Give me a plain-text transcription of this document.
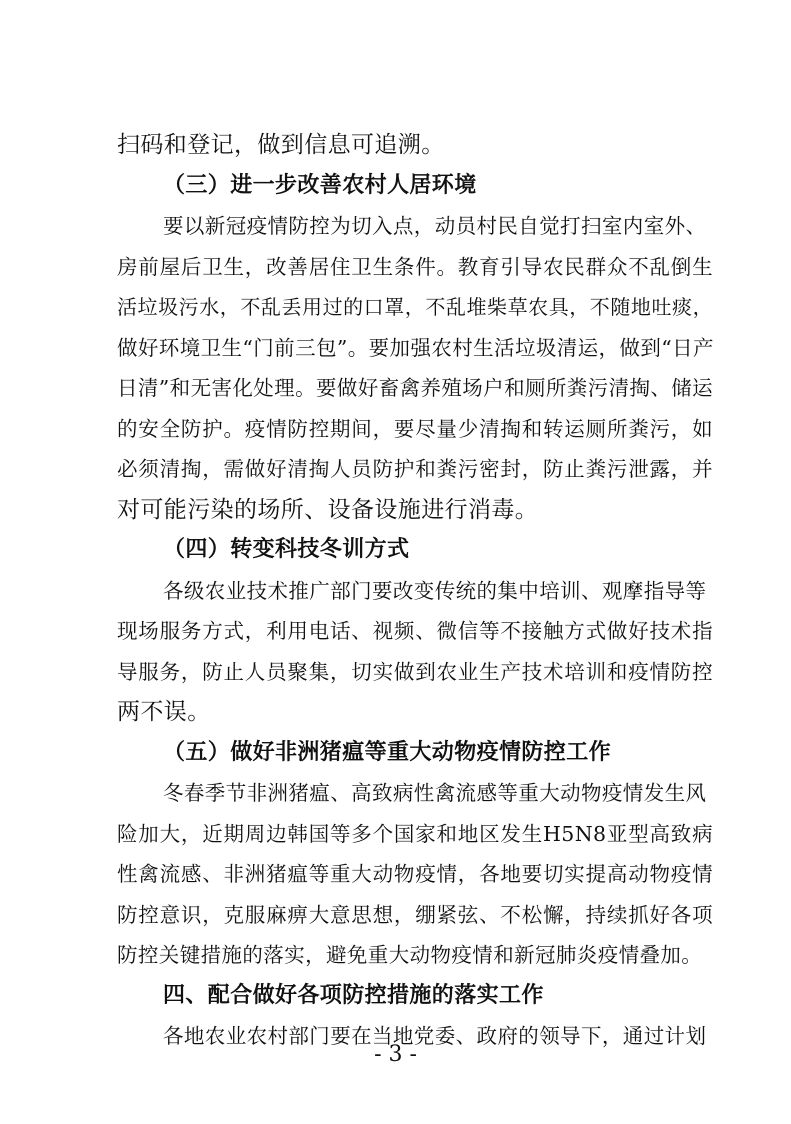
扫码和登记，做到信息可追溯。
（三）进一步改善农村人居环境
要以新冠疫情防控为切入点，动员村民自觉打扫室内室外、
房前屋后卫生，改善居住卫生条件。教育引导农民群众不乱倒生
活垃圾污水，不乱丢用过的口罩，不乱堆柴草农具，不随地吐痰，
做好环境卫生“门前三包”。要加强农村生活垃圾清运，做到“日产
日清”和无害化处理。要做好畜禽养殖场户和厕所粪污清掏、储运
的安全防护。疫情防控期间，要尽量少清掏和转运厕所粪污，如
必须清掏，需做好清掏人员防护和粪污密封，防止粪污泄露，并
对可能污染的场所、设备设施进行消毒。
（四）转变科技冬训方式
各级农业技术推广部门要改变传统的集中培训、观摩指导等
现场服务方式，利用电话、视频、微信等不接触方式做好技术指
导服务，防止人员聚集，切实做到农业生产技术培训和疫情防控
两不误。
（五）做好非洲猪瘟等重大动物疫情防控工作
冬春季节非洲猪瘟、高致病性禽流感等重大动物疫情发生风
险加大，近期周边韩国等多个国家和地区发生H5N8亚型高致病
性禽流感、非洲猪瘟等重大动物疫情，各地要切实提高动物疫情
防控意识，克服麻痹大意思想，绷紧弦、不松懈，持续抓好各项
防控关键措施的落实，避免重大动物疫情和新冠肺炎疫情叠加。
四、配合做好各项防控措施的落实工作
各地农业农村部门要在当地党委、政府的领导下，通过计划
- 3 -
